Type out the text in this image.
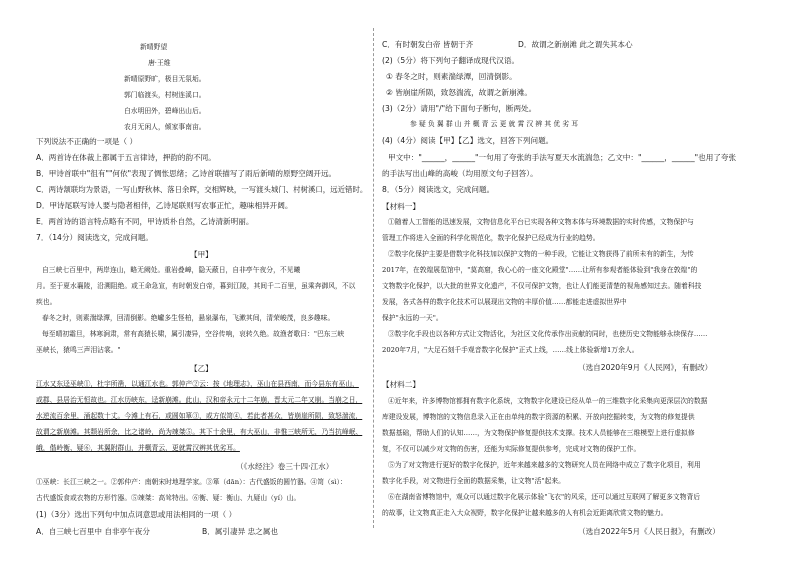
新晴野望
唐·王维
新晴原野旷，极目无氛垢。
郭门临渡头，村树连溪口。
白水明田外，碧峰出山后。
农月无闲人，倾家事南亩。
下列说法不正确的一项是（ ）
A．两首诗在体裁上都属于五言律诗，押韵的韵不同。
B．甲诗首联中"徂有""何依"表现了惆怅思绪；乙诗首联描写了雨后新晴的原野空阔开远。
C．两诗颔联均为景语，一写山野秋林、落日余晖，交相辉映，一写渡头城门、村树溪口，远近错时。
D．甲诗尾联写诗人要与隐者相伴，乙诗尾联则写农事正忙，趣味相异开阔。
E．两首诗的语言特点略有不同，甲诗质朴自然，乙诗清新明丽。
7．（14分）阅读选文，完成问题。
【甲】
自三峡七百里中，两岸连山，略无阙处。重岩叠嶂，隐天蔽日，自非亭午夜分，不见曦
月。至于夏水襄陵，沿溯阻绝。或王命急宣，有时朝发白帝，暮到江陵，其间千二百里，虽乘奔御风，不以
疾也。
春冬之时，则素湍绿潭，回清倒影。绝巘多生怪柏，悬泉瀑布，飞漱其间，清荣峻茂，良多趣味。
每至晴初霜旦，林寒涧肃，常有高猿长啸，属引凄异，空谷传响，哀转久绝。故渔者歌曰："巴东三峡
巫峡长，猿鸣三声泪沾裳。"
【乙】
江水又东迳巫峡①，杜宇所凿，以通江水也。郭仲产②云：按《地理志》，巫山在县西南，而今县东有巫山，
或郡、县居治无恒故也。江水历峡东，迳新崩滩。此山，汉和帝永元十二年崩，晋太元二年又崩。当崩之日，
水逆流百余里，涌起数十丈。今滩上有石，或圆如箪③，或方似笥④，若此者甚众，皆崩崖所陨，致怒湍流，
故谓之新崩滩。其颓岩所余，比之诸岭，尚为竦桀⑤。其下十余里，有大巫山，非惟三峡所无，乃当抗峰岷、
峨，偕岭衡、疑⑥，其翼附群山，并概青云，更就霄汉辨其优劣耳。
（《水经注》卷三十四·江水）
①巫峡：长江三峡之一。②郭仲产：南朝宋时地理学家。③箪（dān）：古代盛饭的圆竹器。④笥（sì）：
古代盛饭食或衣物的方形竹器。⑤竦桀：高耸特出。⑥衡、疑：衡山、九疑山（yí）山。
(1)（3分）选出下列句中加点词意思或用法相同的一项（ ）
A．自三峡七百里中 自非亭午夜分	B．属引凄异 忠之属也
C．有时朝发白帝 皆朝于齐	D．故谓之新崩滩 此之谓失其本心
(2)（5分）将下列句子翻译成现代汉语。
① 春冬之时，则素湍绿潭，回清倒影。
② 皆崩崖所陨，致怒湍流，故谓之新崩滩。
(3)（2分）请用"/"给下面句子断句，断两处。
参 疑 负 翼 群 山 并 概 青 云 更 就 霄 汉 辨 其 优 劣 耳
(4)（4分）阅读【甲】【乙】选文，回答下列问题。
甲文中："______，______"一句用了夸张的手法写夏天水流湍急；乙文中："______，______"也用了夸张
的手法写出山峰的高峻（均用原文句子回答）。
8．（5分）阅读选文，完成问题。
【材料一】
①随着人工智能的迅速发展，文物信息化平台已实现各种文物本体与环境数据的实时传感，文物保护与
管理工作将进入全面的科学化规范化，数字化保护已经成为行业的趋势。
②数字化保护主要是借数字化科技加以保护文物的一种手段，它能让文物获得了前所未有的新生，为传
2017年，在敦煌展览馆中，"莫高窟，我心心的一座文化殿堂"……让所有参观者能体验到"我身在敦煌"的
文物数字化保护，以大批的世界文化遗产，不仅可保护文物，也让人们能更清楚的视角感知过去。随着科技
发展，各式各样的数字化技术可以展现出文物的丰厚价值……都能走进虚拟世界中
保护"永远的一天"。
③数字化手段也以各种方式让文物活化，为社区文化传承作出贡献的同时，也使历史文物能够永续保存……
2020年7月，"大足石刻千手观音数字化保护"正式上线，……线上体验新增1万余人。
（选自2020年9月《人民网》，有删改）
【材料二】
④近年来，许多博物馆都拥有数字化系统，文物数字化建设已经从单一的三维数字化采集向更深层次的数据
库建设发展，博物馆的文物信息录入正在由单纯的数字资源的积累、开放向挖掘转变，为文物的修复提供
数据基础，帮助人们的认知……，为文物保护修复提供技术支撑。技术人员能够在三维模型上进行虚拟修
复，不仅可以减少对文物的伤害，还能为实际修复提供参考，完成对文物的保护工作。
⑤为了对文物进行更好的数字化保护，近年来越来越多的文物研究人员在网络中成立了数字化项目，利用
数字化手段，对文物进行全面的数据采集，让文物"活"起来。
⑥在湖南省博物馆中，观众可以通过数字化展示体验"飞衣"的风采，还可以通过互联网了解更多文物背后
的故事，让文物真正走入大众视野，数字化保护让越来越多的人有机会近距离欣赏文物的魅力。
（选自2022年5月《人民日报》，有删改）
